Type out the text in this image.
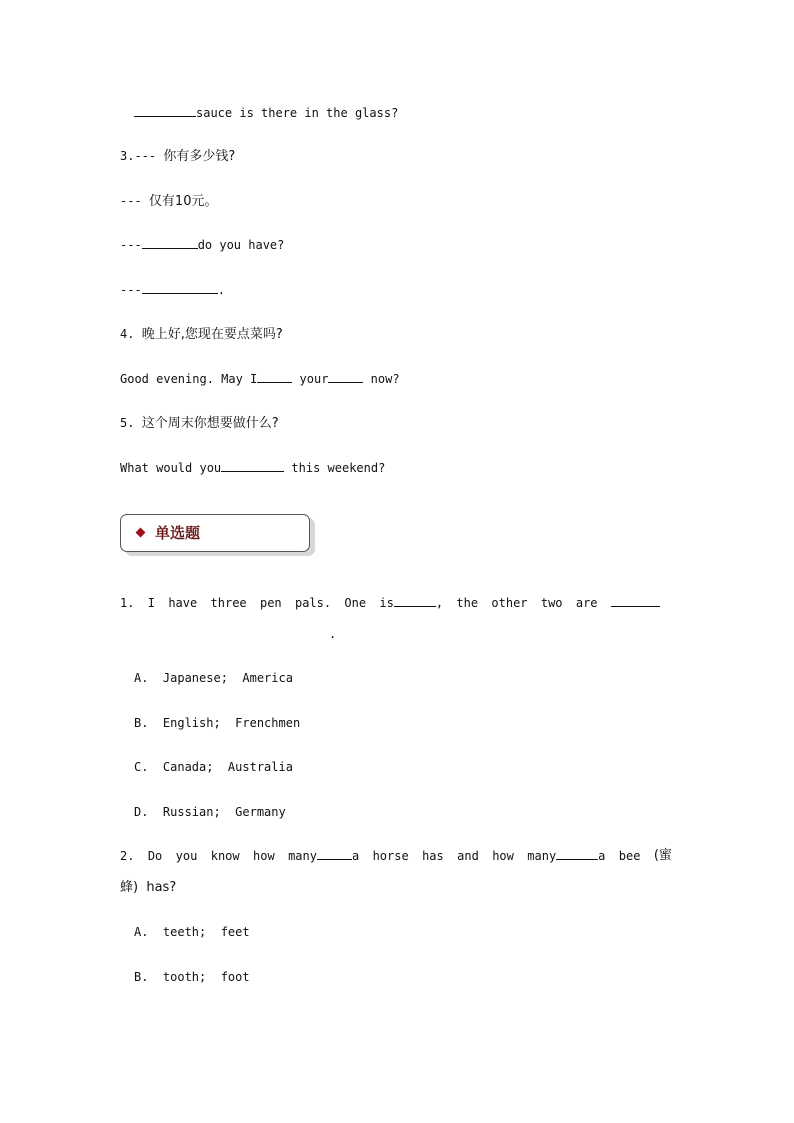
sauce is there in the glass?
3.--- 你有多少钱?
--- 仅有10元。
---	do you have?
---	.
4. 晚上好,您现在要点菜吗?
Good evening. May I	your	now?
5. 这个周末你想要做什么?
What would you	this weekend?
单选题
1. I have three pen pals. One is	, the other two are
.
A. Japanese;  America
B. English;  Frenchmen
C. Canada;  Australia
D. Russian;  Germany
2. Do you know how many	a horse has and how many	a bee (蜜
蜂)  has?
A. teeth;  feet
B. tooth;  foot
